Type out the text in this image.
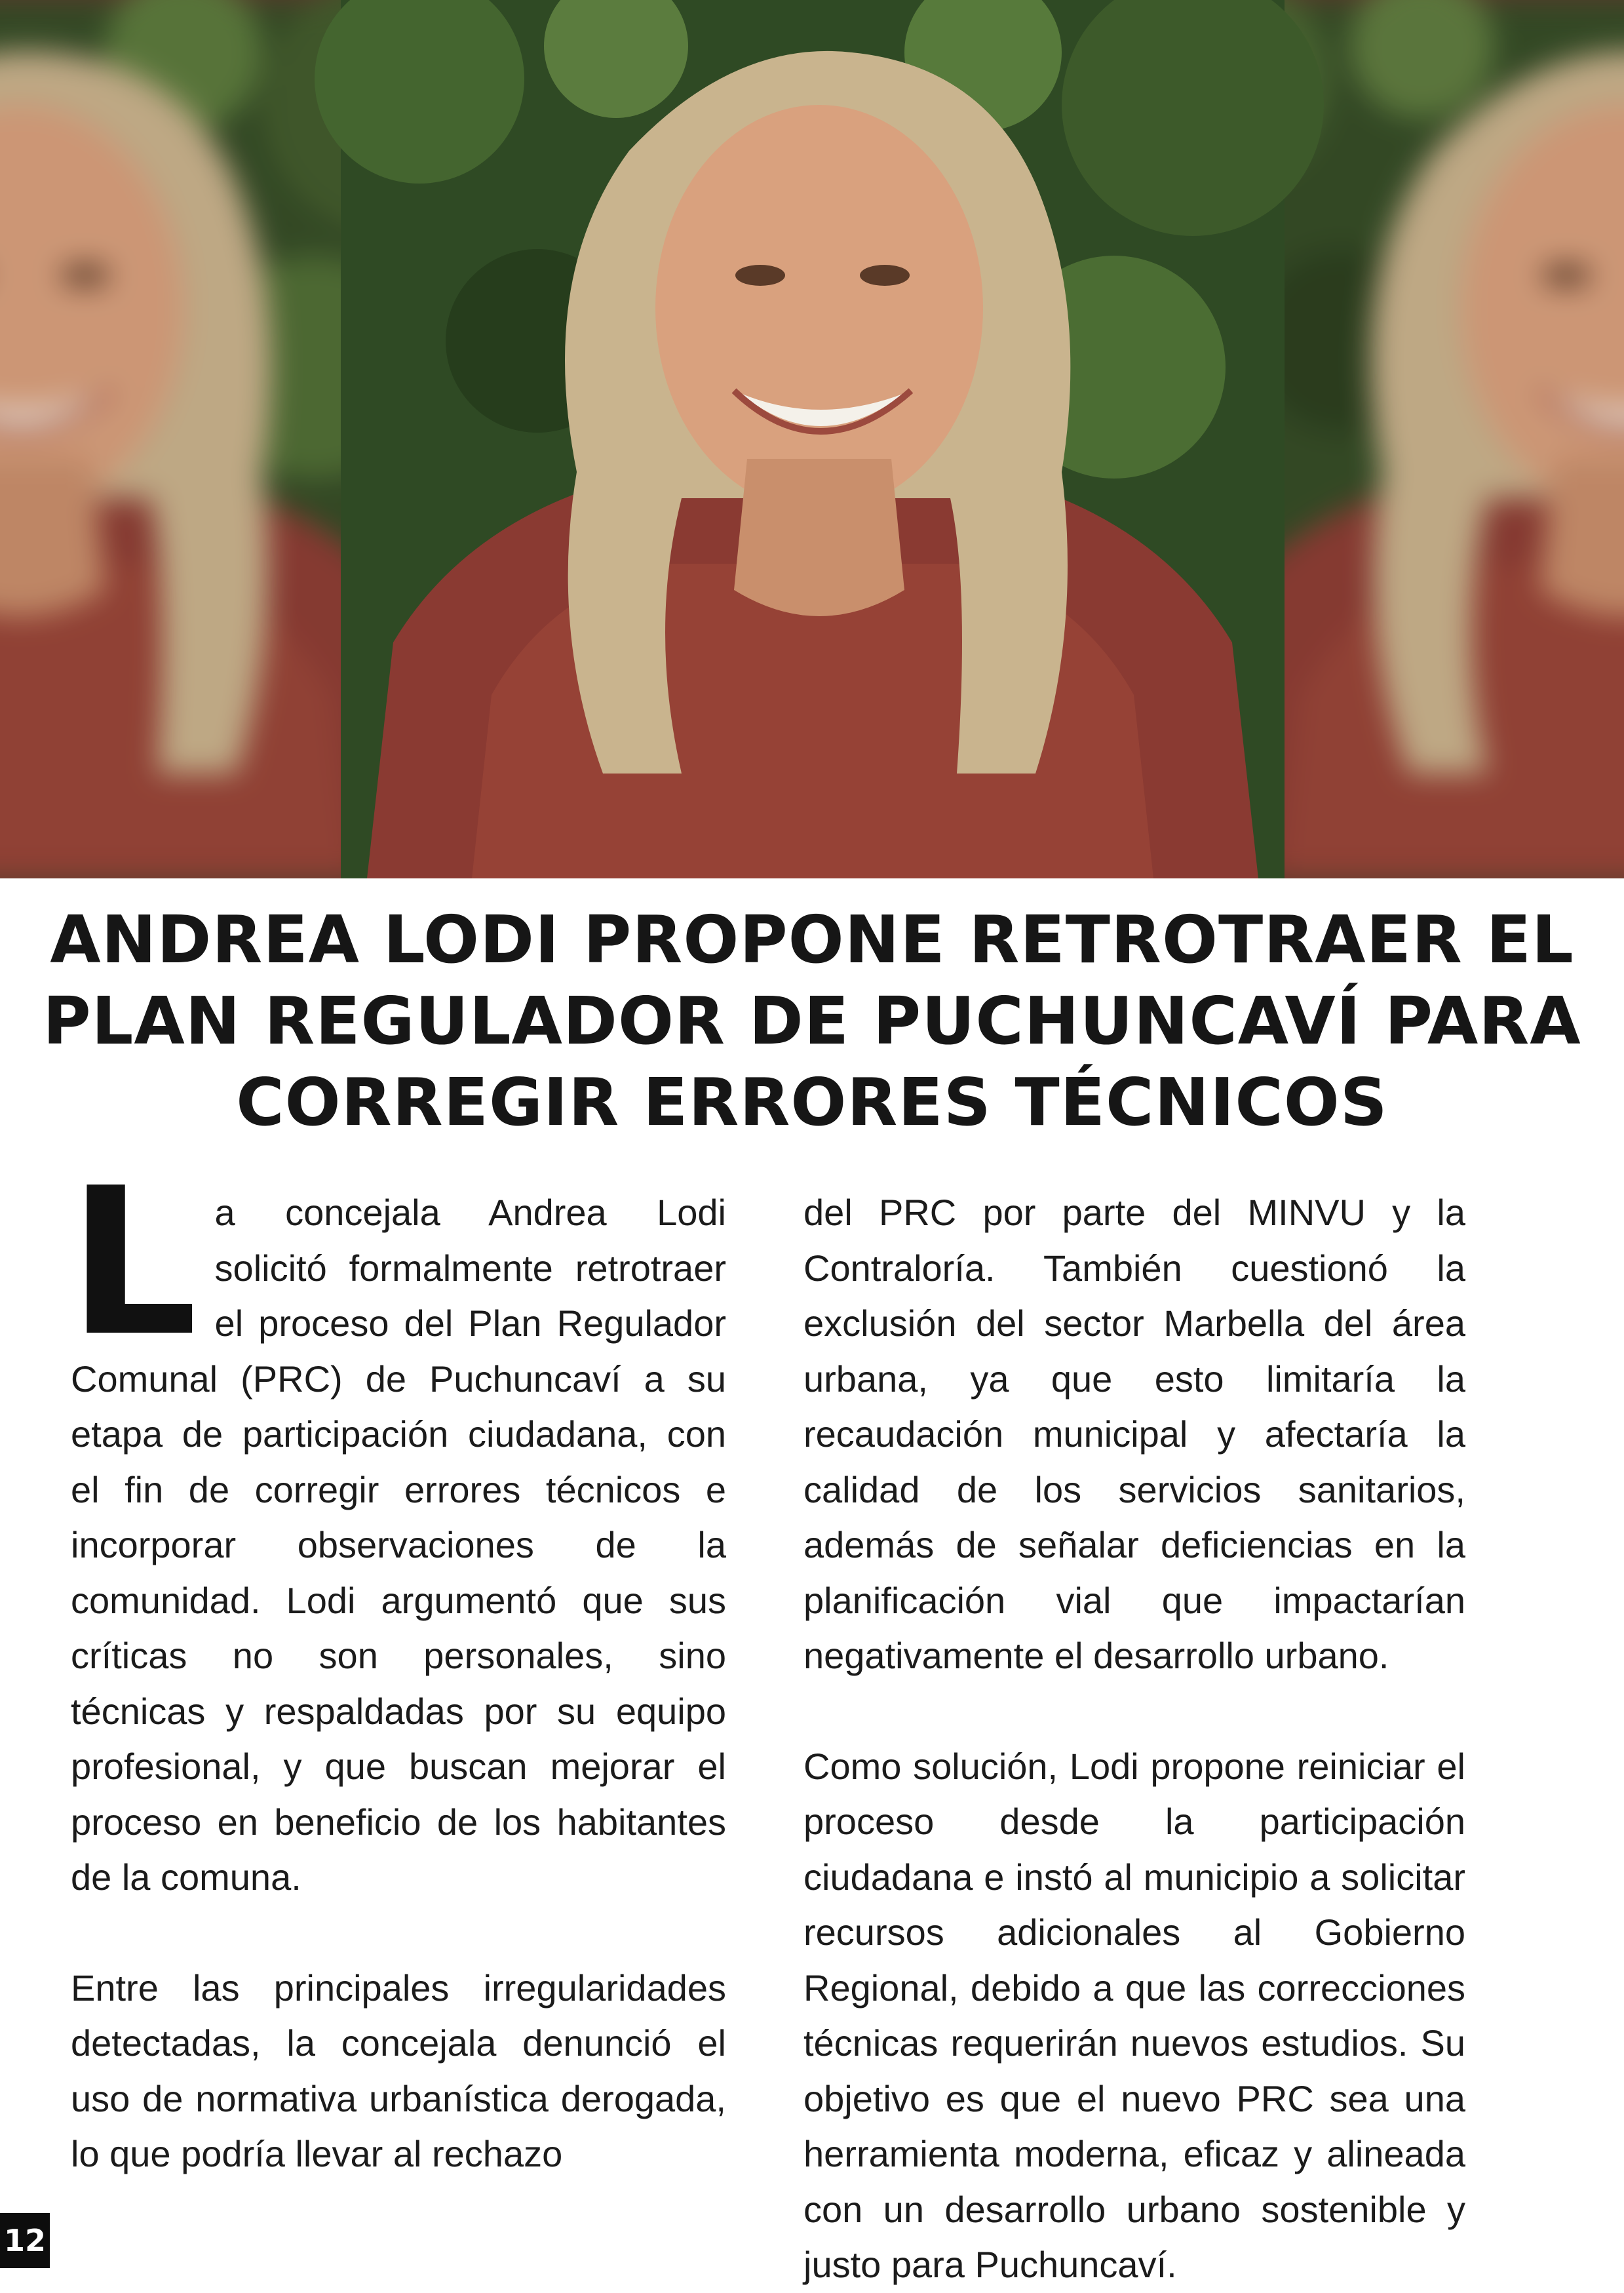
ANDREA LODI PROPONE RETROTRAER EL PLAN REGULADOR DE PUCHUNCAVÍ PARA CORREGIR ERRORES TÉCNICOS

La concejala Andrea Lodi solicitó formalmente retrotraer el proceso del Plan Regulador Comunal (PRC) de Puchuncaví a su etapa de participación ciudadana, con el fin de corregir errores técnicos e incorporar observaciones de la comunidad. Lodi argumentó que sus críticas no son personales, sino técnicas y respaldadas por su equipo profesional, y que buscan mejorar el proceso en beneficio de los habitantes de la comuna.

Entre las principales irregularidades detectadas, la concejala denunció el uso de normativa urbanística derogada, lo que podría llevar al rechazo

del PRC por parte del MINVU y la Contraloría. También cuestionó la exclusión del sector Marbella del área urbana, ya que esto limitaría la recaudación municipal y afectaría la calidad de los servicios sanitarios, además de señalar deficiencias en la planificación vial que impactarían negativamente el desarrollo urbano.

Como solución, Lodi propone reiniciar el proceso desde la participación ciudadana e instó al municipio a solicitar recursos adicionales al Gobierno Regional, debido a que las correcciones técnicas requerirán nuevos estudios. Su objetivo es que el nuevo PRC sea una herramienta moderna, eficaz y alineada con un desarrollo urbano sostenible y justo para Puchuncaví.

12
